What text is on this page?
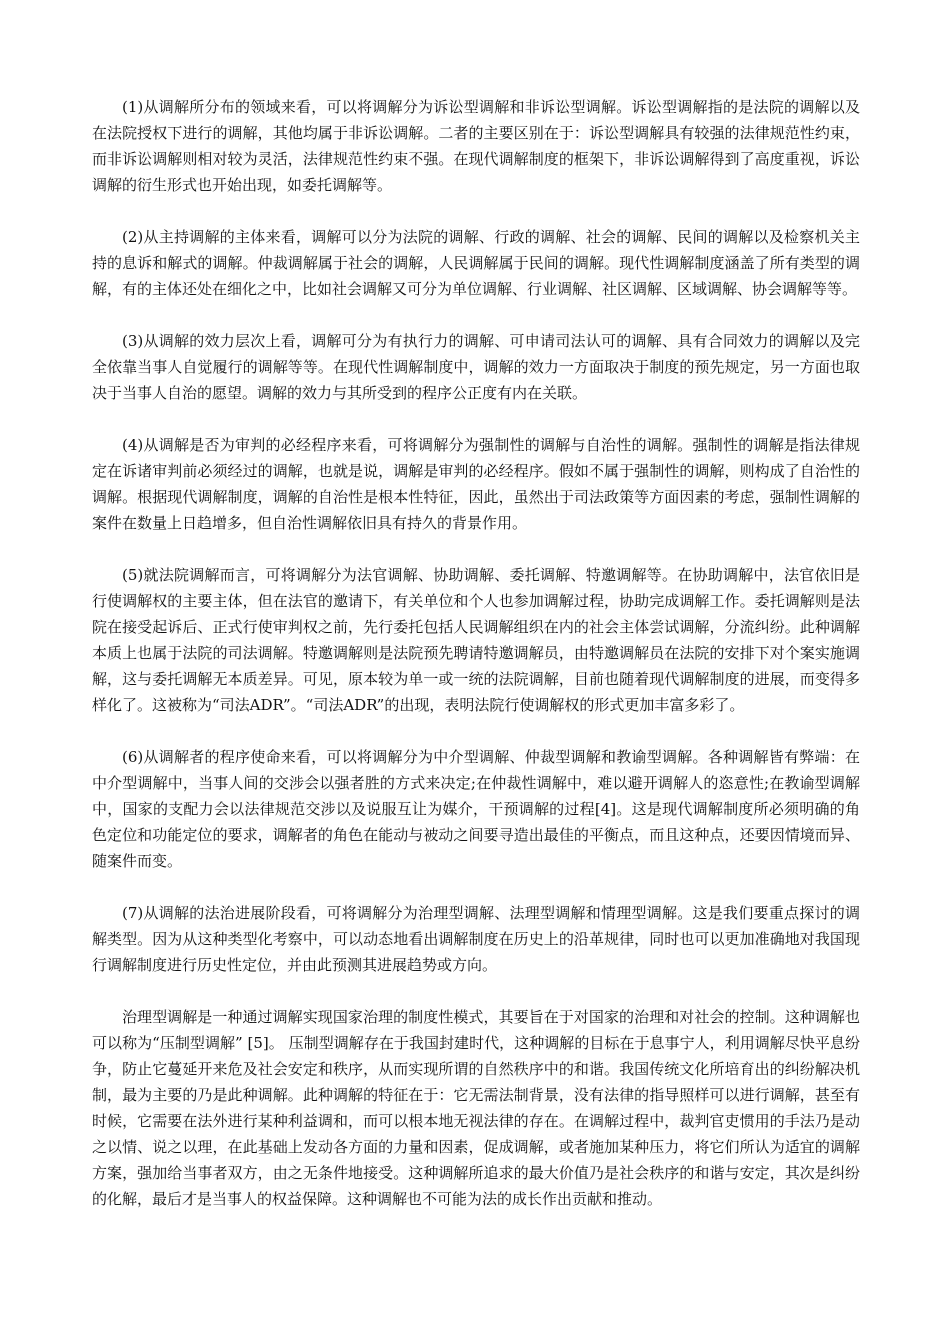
(1)从调解所分布的领域来看，可以将调解分为诉讼型调解和非诉讼型调解。诉讼型调解指的是法院的调解以及在法院授权下进行的调解，其他均属于非诉讼调解。二者的主要区别在于：诉讼型调解具有较强的法律规范性约束，而非诉讼调解则相对较为灵活，法律规范性约束不强。在现代调解制度的框架下，非诉讼调解得到了高度重视，诉讼调解的衍生形式也开始出现，如委托调解等。

(2)从主持调解的主体来看，调解可以分为法院的调解、行政的调解、社会的调解、民间的调解以及检察机关主持的息诉和解式的调解。仲裁调解属于社会的调解，人民调解属于民间的调解。现代性调解制度涵盖了所有类型的调解，有的主体还处在细化之中，比如社会调解又可分为单位调解、行业调解、社区调解、区域调解、协会调解等等。

(3)从调解的效力层次上看，调解可分为有执行力的调解、可申请司法认可的调解、具有合同效力的调解以及完全依靠当事人自觉履行的调解等等。在现代性调解制度中，调解的效力一方面取决于制度的预先规定，另一方面也取决于当事人自治的愿望。调解的效力与其所受到的程序公正度有内在关联。

(4)从调解是否为审判的必经程序来看，可将调解分为强制性的调解与自治性的调解。强制性的调解是指法律规定在诉诸审判前必须经过的调解，也就是说，调解是审判的必经程序。假如不属于强制性的调解，则构成了自治性的调解。根据现代调解制度，调解的自治性是根本性特征，因此，虽然出于司法政策等方面因素的考虑，强制性调解的案件在数量上日趋增多，但自治性调解依旧具有持久的背景作用。

(5)就法院调解而言，可将调解分为法官调解、协助调解、委托调解、特邀调解等。在协助调解中，法官依旧是行使调解权的主要主体，但在法官的邀请下，有关单位和个人也参加调解过程，协助完成调解工作。委托调解则是法院在接受起诉后、正式行使审判权之前，先行委托包括人民调解组织在内的社会主体尝试调解，分流纠纷。此种调解本质上也属于法院的司法调解。特邀调解则是法院预先聘请特邀调解员，由特邀调解员在法院的安排下对个案实施调解，这与委托调解无本质差异。可见，原本较为单一或一统的法院调解，目前也随着现代调解制度的进展，而变得多样化了。这被称为“司法ADR”。“司法ADR”的出现，表明法院行使调解权的形式更加丰富多彩了。

(6)从调解者的程序使命来看，可以将调解分为中介型调解、仲裁型调解和教谕型调解。各种调解皆有弊端：在中介型调解中，当事人间的交涉会以强者胜的方式来决定;在仲裁性调解中，难以避开调解人的恣意性;在教谕型调解中，国家的支配力会以法律规范交涉以及说服互让为媒介，干预调解的过程[4]。这是现代调解制度所必须明确的角色定位和功能定位的要求，调解者的角色在能动与被动之间要寻造出最佳的平衡点，而且这种点，还要因情境而异、随案件而变。

(7)从调解的法治进展阶段看，可将调解分为治理型调解、法理型调解和情理型调解。这是我们要重点探讨的调解类型。因为从这种类型化考察中，可以动态地看出调解制度在历史上的沿革规律，同时也可以更加准确地对我国现行调解制度进行历史性定位，并由此预测其进展趋势或方向。

治理型调解是一种通过调解实现国家治理的制度性模式，其要旨在于对国家的治理和对社会的控制。这种调解也可以称为“压制型调解” [5]。 压制型调解存在于我国封建时代，这种调解的目标在于息事宁人，利用调解尽快平息纷争，防止它蔓延开来危及社会安定和秩序，从而实现所谓的自然秩序中的和谐。我国传统文化所培育出的纠纷解决机制，最为主要的乃是此种调解。此种调解的特征在于：它无需法制背景，没有法律的指导照样可以进行调解，甚至有时候，它需要在法外进行某种利益调和，而可以根本地无视法律的存在。在调解过程中，裁判官吏惯用的手法乃是动之以情、说之以理，在此基础上发动各方面的力量和因素，促成调解，或者施加某种压力，将它们所认为适宜的调解方案，强加给当事者双方，由之无条件地接受。这种调解所追求的最大价值乃是社会秩序的和谐与安定，其次是纠纷的化解，最后才是当事人的权益保障。这种调解也不可能为法的成长作出贡献和推动。
